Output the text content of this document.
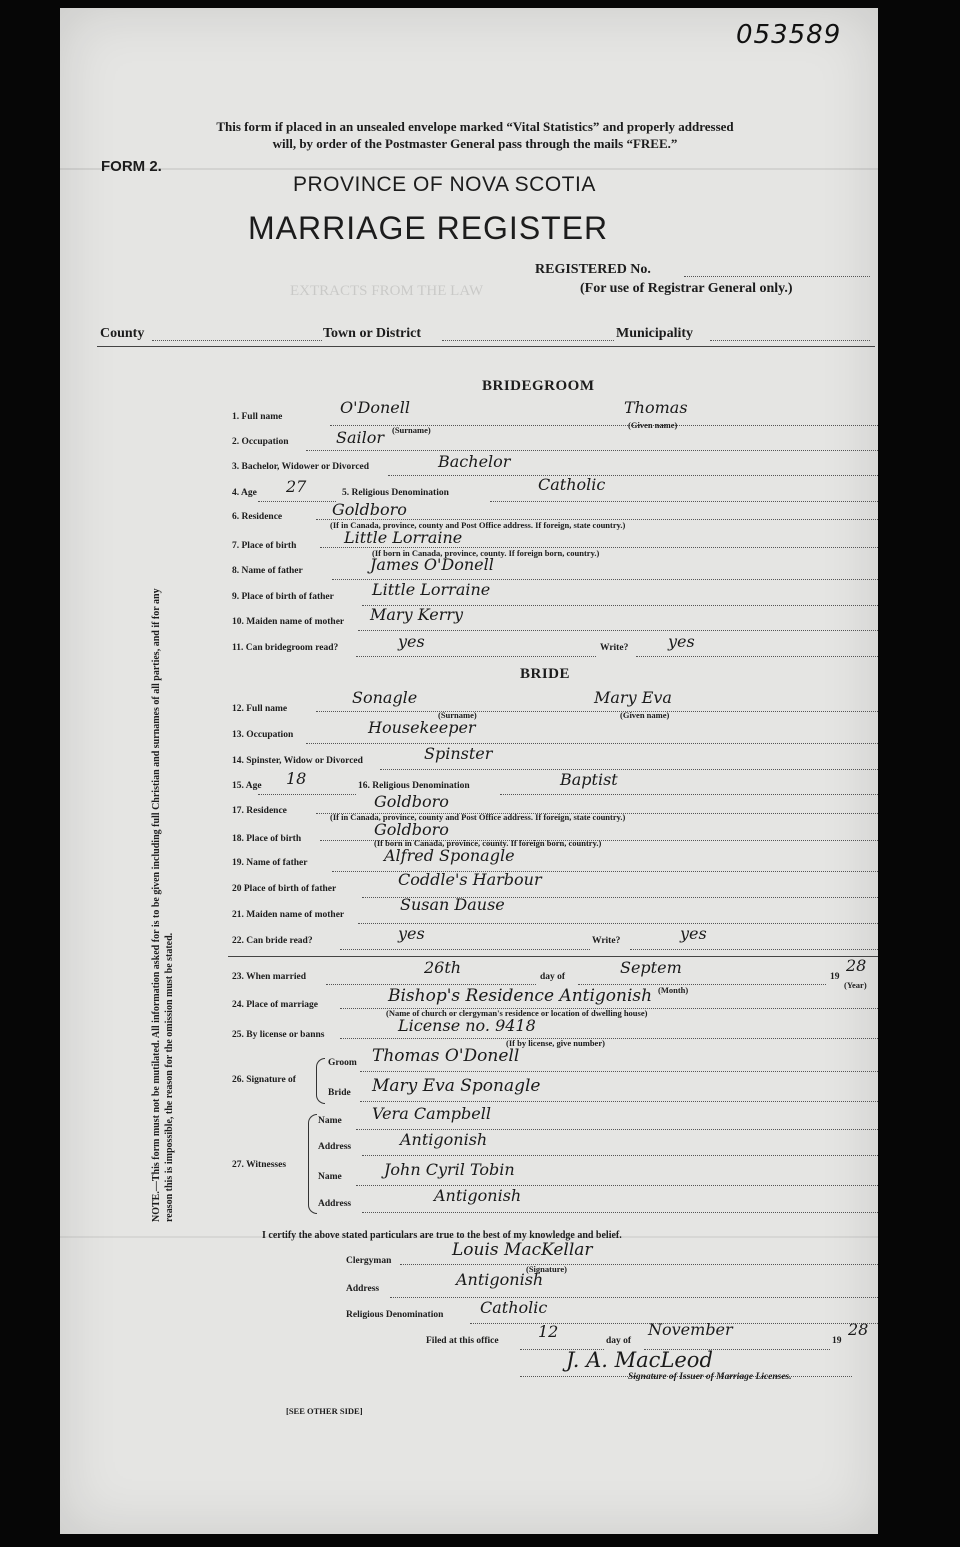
EXTRACTS FROM THE LAW
053589
This form if placed in an unsealed envelope marked “Vital Statistics” and properly addressed
will, by order of the Postmaster General pass through the mails “FREE.”
FORM 2.
PROVINCE OF NOVA SCOTIA
MARRIAGE REGISTER
REGISTERED No.
(For use of Registrar General only.)
County	Town or District	Municipality
NOTE.—This form must not be mutilated. All information asked for is to be given including full Christian and surnames of all parties, and if for any reason this is impossible, the reason for the omission must be stated.
BRIDEGROOM
1. Full name	O'Donell	Thomas
(Surname)	(Given name)
2. Occupation	Sailor
3. Bachelor, Widower or Divorced	Bachelor
4. Age 27	5. Religious Denomination	Catholic
6. Residence	Goldboro
(If in Canada, province, county and Post Office address. If foreign, state country.)
7. Place of birth	Little Lorraine
(If born in Canada, province, county. If foreign born, country.)
8. Name of father	James O'Donell
9. Place of birth of father Little Lorraine
10. Maiden name of mother Mary Kerry
11. Can bridegroom read?	yes	Write? yes
BRIDE
12. Full name
Sonagle	Mary Eva
(Surname)	(Given name)
13. Occupation	Housekeeper
14. Spinster, Widow or Divorced	Spinster
15. Age 18	16. Religious Denomination	Baptist
17. Residence	Goldboro
(If in Canada, province, county and Post Office address. If foreign, state country.)
18. Place of birth	Goldboro
(If born in Canada, province, county. If foreign born, country.)
19. Name of father	Alfred Sponagle
20 Place of birth of father	Coddle's Harbour
21. Maiden name of mother
Susan Dause
22. Can bride read?	yes	Write?	yes
23. When married	26th	day of	Septem
(Month)
19
28
(Year)
24. Place of marriage	Bishop's Residence Antigonish
(Name of church or clergyman's residence or location of dwelling house)
25. By license or banns	License no. 9418
(If by license, give number)
26. Signature of
Groom Thomas O'Donell
Bride Mary Eva Sponagle
27. Witnesses
Name Vera Campbell
Address	Antigonish
Name	John Cyril Tobin
Address	Antigonish
I certify the above stated particulars are true to the best of my knowledge and belief.
Clergyman
Louis MacKellar
(Signature)
Address	Antigonish
Religious Denomination Catholic
Filed at this office 12	day of
November
19
28
J. A. MacLeod
Signature of Issuer of Marriage Licenses.
[SEE OTHER SIDE]
